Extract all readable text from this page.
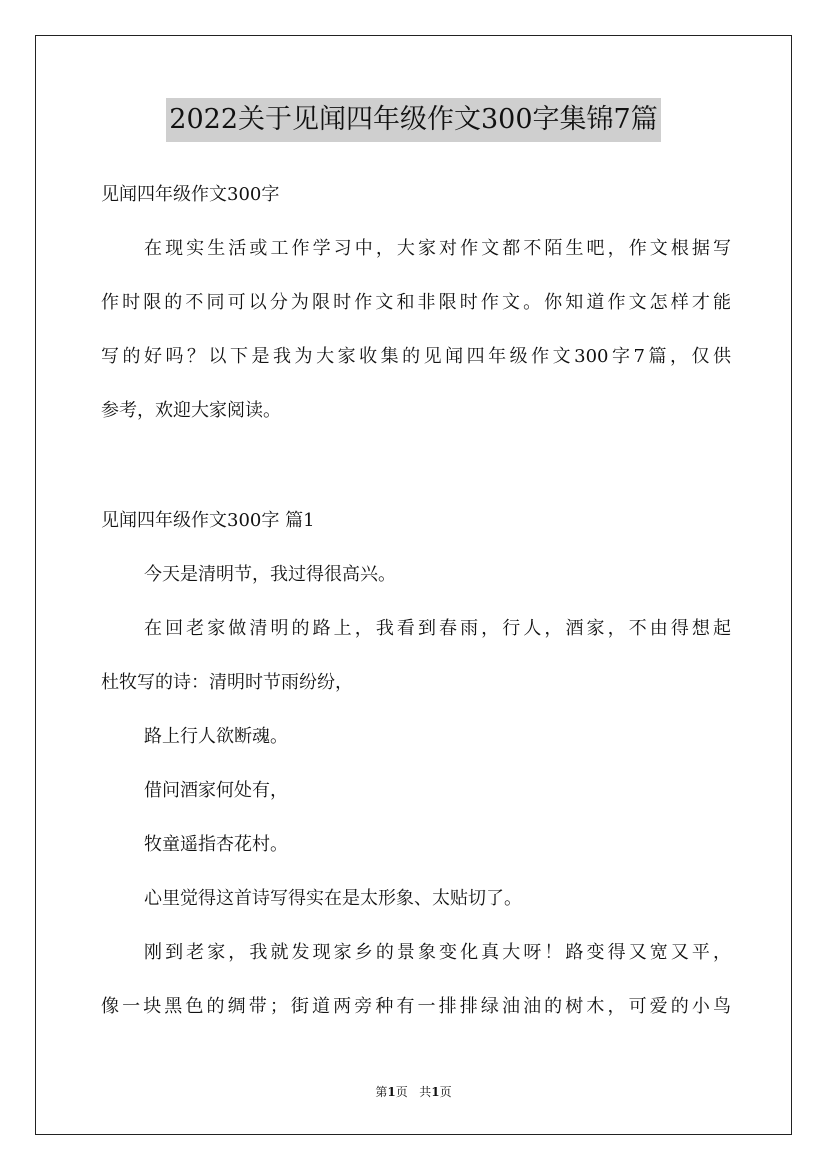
2022关于见闻四年级作文300字集锦7篇
见闻四年级作文300字
在现实生活或工作学习中，大家对作文都不陌生吧，作文根据写
作时限的不同可以分为限时作文和非限时作文。你知道作文怎样才能
写的好吗？以下是我为大家收集的见闻四年级作文300字7篇，仅供
参考，欢迎大家阅读。
见闻四年级作文300字 篇1
今天是清明节，我过得很高兴。
在回老家做清明的路上，我看到春雨，行人，酒家，不由得想起
杜牧写的诗：清明时节雨纷纷，
路上行人欲断魂。
借问酒家何处有，
牧童遥指杏花村。
心里觉得这首诗写得实在是太形象、太贴切了。
刚到老家，我就发现家乡的景象变化真大呀！路变得又宽又平，
像一块黑色的绸带；街道两旁种有一排排绿油油的树木，可爱的小鸟
第1页   共1页
